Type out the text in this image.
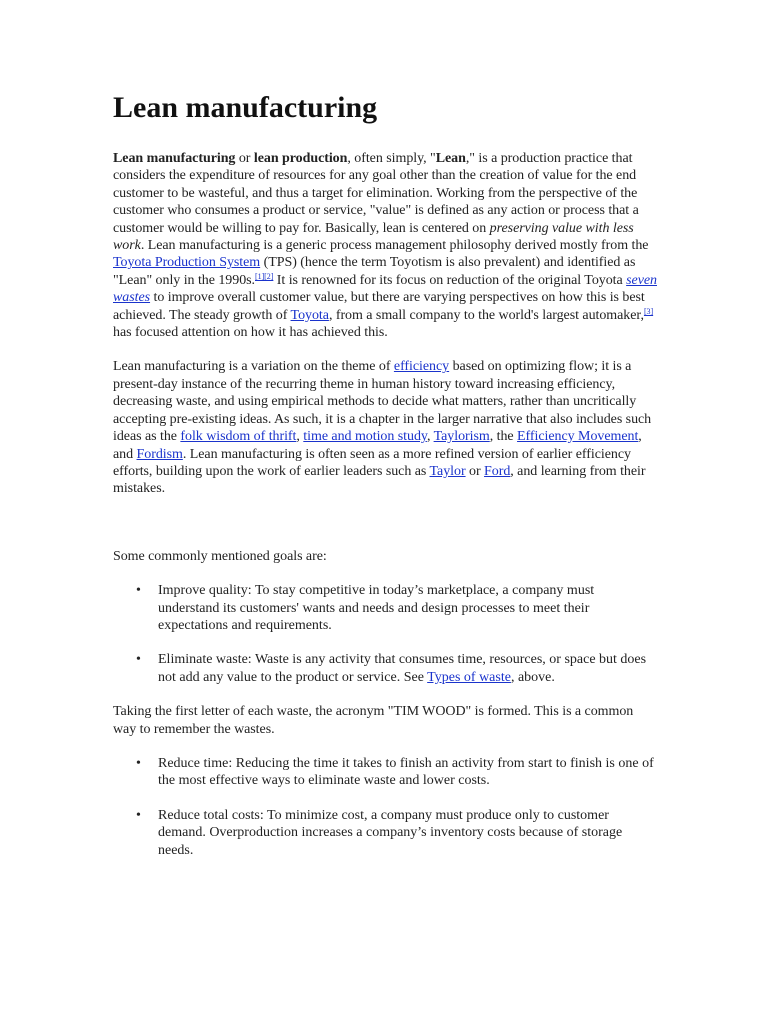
Lean manufacturing

Lean manufacturing or lean production, often simply, "Lean," is a production practice that considers the expenditure of resources for any goal other than the creation of value for the end customer to be wasteful, and thus a target for elimination. Working from the perspective of the customer who consumes a product or service, "value" is defined as any action or process that a customer would be willing to pay for. Basically, lean is centered on preserving value with less work. Lean manufacturing is a generic process management philosophy derived mostly from the Toyota Production System (TPS) (hence the term Toyotism is also prevalent) and identified as "Lean" only in the 1990s.[1][2] It is renowned for its focus on reduction of the original Toyota seven wastes to improve overall customer value, but there are varying perspectives on how this is best achieved. The steady growth of Toyota, from a small company to the world's largest automaker,[3] has focused attention on how it has achieved this.

Lean manufacturing is a variation on the theme of efficiency based on optimizing flow; it is a present-day instance of the recurring theme in human history toward increasing efficiency, decreasing waste, and using empirical methods to decide what matters, rather than uncritically accepting pre-existing ideas. As such, it is a chapter in the larger narrative that also includes such ideas as the folk wisdom of thrift, time and motion study, Taylorism, the Efficiency Movement, and Fordism. Lean manufacturing is often seen as a more refined version of earlier efficiency efforts, building upon the work of earlier leaders such as Taylor or Ford, and learning from their mistakes.

Some commonly mentioned goals are:

• Improve quality: To stay competitive in today’s marketplace, a company must understand its customers' wants and needs and design processes to meet their expectations and requirements.
• Eliminate waste: Waste is any activity that consumes time, resources, or space but does not add any value to the product or service. See Types of waste, above.

Taking the first letter of each waste, the acronym "TIM WOOD" is formed. This is a common way to remember the wastes.

• Reduce time: Reducing the time it takes to finish an activity from start to finish is one of the most effective ways to eliminate waste and lower costs.
• Reduce total costs: To minimize cost, a company must produce only to customer demand. Overproduction increases a company’s inventory costs because of storage needs.
